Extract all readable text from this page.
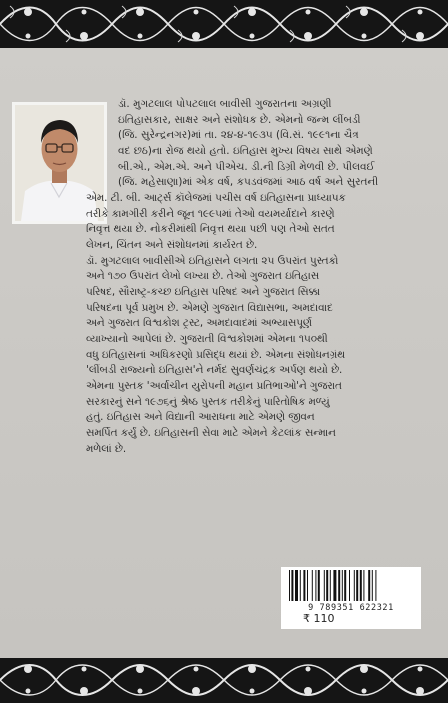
ડૉ. મુગટલાલ પોપટલાલ બાવીસી ગુજરાતના અગ્રણી
ઇતિહાસકાર, સાક્ષર અને સંશોધક છે. એમનો જન્મ લીંબડી
(જિ. સુરેન્દ્રનગર)માં તા. ૨૪-૪-૧૯૩૫ (વિ.સં. ૧૯૯૧ના ચૈત્ર
વદ છઠ)ના રોજ થયો હતો. ઇતિહાસ મુખ્ય વિષય સાથે એમણે
બી.એ., એમ.એ. અને પીએચ. ડી.ની ડિગ્રી મેળવી છે. પીલવઈ
(જિ. મહેસાણા)માં એક વર્ષ, કપડવંજમાં આઠ વર્ષ અને સુરતની
એમ. ટી. બી. આર્ટ્સ કૉલેજમાં પચીસ વર્ષ ઇતિહાસના પ્રાધ્યાપક
તરીકે કામગીરી કરીને જૂન ૧૯૯૫માં તેઓ વયમર્યાદાને કારણે
નિવૃત્ત થયા છે. નોકરીમાંથી નિવૃત્ત થયા પછી પણ તેઓ સતત
લેખન, ચિંતન અને સંશોધનમાં કાર્યરત છે.
ડૉ. મુગટલાલ બાવીસીએ ઇતિહાસને લગતા ૨૫ ઉપરાંત પુસ્તકો
અને ૧૭૦ ઉપરાંત લેખો લખ્યા છે. તેઓ ગુજરાત ઇતિહાસ
પરિષદ, સૌરાષ્ટ્ર-કચ્છ ઇતિહાસ પરિષદ અને ગુજરાત સિક્કા
પરિષદના પૂર્વ પ્રમુખ છે. એમણે ગુજરાત વિદ્યાસભા, અમદાવાદ
અને ગુજરાત વિશ્વકોશ ટ્રસ્ટ, અમદાવાદમાં અભ્યાસપૂર્ણ
વ્યાખ્યાનો આપેલાં છે. ગુજરાતી વિશ્વકોશમાં એમના ૧૫૦થી
વધુ ઇતિહાસનાં અધિકરણો પ્રસિદ્ધ થયાં છે. એમના સંશોધનગ્રંથ
'લીંબડી રાજ્યનો ઇતિહાસ'ને નર્મદ સુવર્ણચંદ્રક અર્પણ થયો છે.
એમના પુસ્તક 'અર્વાચીન યુરોપની મહાન પ્રતિભાઓ'ને ગુજરાત
સરકારનું સને ૧૯૭૬નું શ્રેષ્ઠ પુસ્તક તરીકેનું પારિતોષિક મળ્યું
હતું. ઇતિહાસ અને વિદ્યાની આરાધના માટે એમણે જીવન
સમર્પિત કર્યું છે. ઇતિહાસની સેવા માટે એમને કેટલાંક સન્માન
મળેલાં છે.
9 789351 622321
₹ 110
